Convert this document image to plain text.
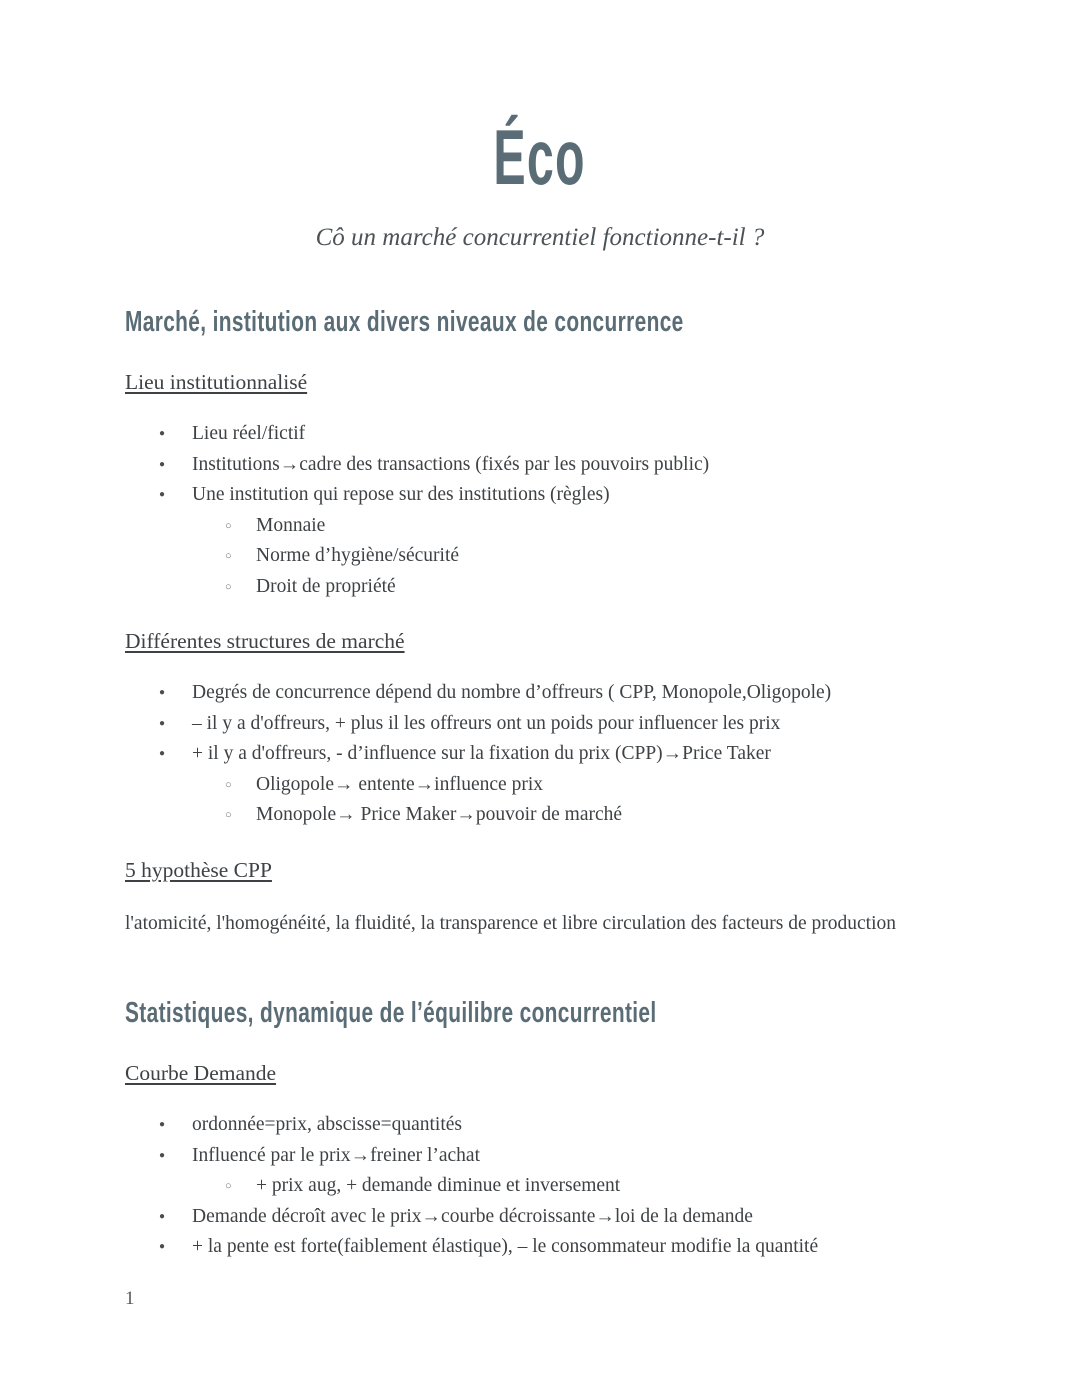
Éco
Cô un marché concurrentiel fonctionne-t-il ?
Marché, institution aux divers niveaux de concurrence
Lieu institutionnalisé
● Lieu réel/fictif
● Institutions→cadre des transactions (fixés par les pouvoirs public)
● Une institution qui repose sur des institutions (règles)
○ Monnaie
○ Norme d’hygiène/sécurité
○ Droit de propriété
Différentes structures de marché
● Degrés de concurrence dépend du nombre d’offreurs ( CPP, Monopole,Oligopole)
● – il y a d'offreurs, + plus il les offreurs ont un poids pour influencer les prix
● + il y a d'offreurs, - d’influence sur la fixation du prix (CPP)→Price Taker
○ Oligopole→ entente→influence prix
○ Monopole→ Price Maker→pouvoir de marché
5 hypothèse CPP

l'atomicité, l'homogénéité, la fluidité, la transparence et libre circulation des facteurs de production

Statistiques, dynamique de l’équilibre concurrentiel
Courbe Demande
● ordonnée=prix, abscisse=quantités
● Influencé par le prix→freiner l’achat
○ + prix aug, + demande diminue et inversement
● Demande décroît avec le prix→courbe décroissante→loi de la demande
● + la pente est forte(faiblement élastique), – le consommateur modifie la quantité
1
